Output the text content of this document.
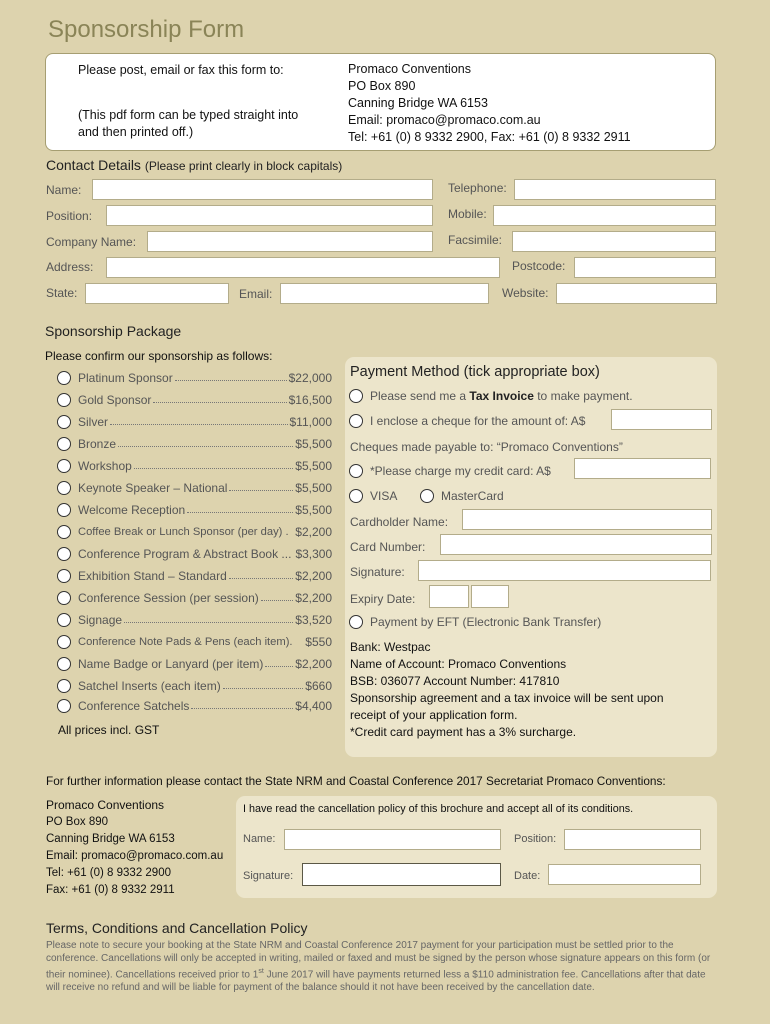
Sponsorship Form
Please post, email or fax this form to:
(This pdf form can be typed straight into
and then printed off.)
Promaco Conventions
PO Box 890
Canning Bridge WA 6153
Email: promaco@promaco.com.au
Tel: +61 (0) 8 9332 2900, Fax: +61 (0) 8 9332 2911
Contact Details (Please print clearly in block capitals)
Name:	Telephone:
Position:	Mobile:
Company Name:	Facsimile:
Address:	Postcode:
State:	Email:	Website:
Sponsorship Package
Please confirm our sponsorship as follows:
Platinum Sponsor	$22,000
Gold Sponsor	$16,500
Silver	$11,000
Bronze	$5,500
Workshop	$5,500
Keynote Speaker – National	$5,500
Welcome Reception	$5,500
Coffee Break or Lunch Sponsor (per day) . $2,200
Conference Program & Abstract Book ... $3,300
Exhibition Stand – Standard	$2,200
Conference Session (per session)	$2,200
Signage	$3,520
Conference Note Pads & Pens (each item). $550
Name Badge or Lanyard (per item)	$2,200
Satchel Inserts (each item)	$660
Conference Satchels	$4,400
All prices incl. GST
Payment Method (tick appropriate box)
Please send me a Tax Invoice to make payment.
I enclose a cheque for the amount of: A$
Cheques made payable to: “Promaco Conventions”
*Please charge my credit card: A$
VISA	MasterCard
Cardholder Name:
Card Number:
Signature:
Expiry Date:
Payment by EFT (Electronic Bank Transfer)
Bank: Westpac
Name of Account: Promaco Conventions
BSB: 036077 Account Number: 417810
Sponsorship agreement and a tax invoice will be sent upon
receipt of your application form.
*Credit card payment has a 3% surcharge.
For further information please contact the State NRM and Coastal Conference 2017 Secretariat Promaco Conventions:
Promaco Conventions
PO Box 890
Canning Bridge WA 6153
Email: promaco@promaco.com.au
Tel: +61 (0) 8 9332 2900
Fax: +61 (0) 8 9332 2911
I have read the cancellation policy of this brochure and accept all of its conditions.
Name:	Position:
Signature:	Date:
Terms, Conditions and Cancellation Policy
Please note to secure your booking at the State NRM and Coastal Conference 2017 payment for your participation must be settled prior to the conference. Cancellations will only be accepted in writing, mailed or faxed and must be signed by the person whose signature appears on this form (or their nominee). Cancellations received prior to 1st June 2017 will have payments returned less a $110 administration fee. Cancellations after that date will receive no refund and will be liable for payment of the balance should it not have been received by the cancellation date.
